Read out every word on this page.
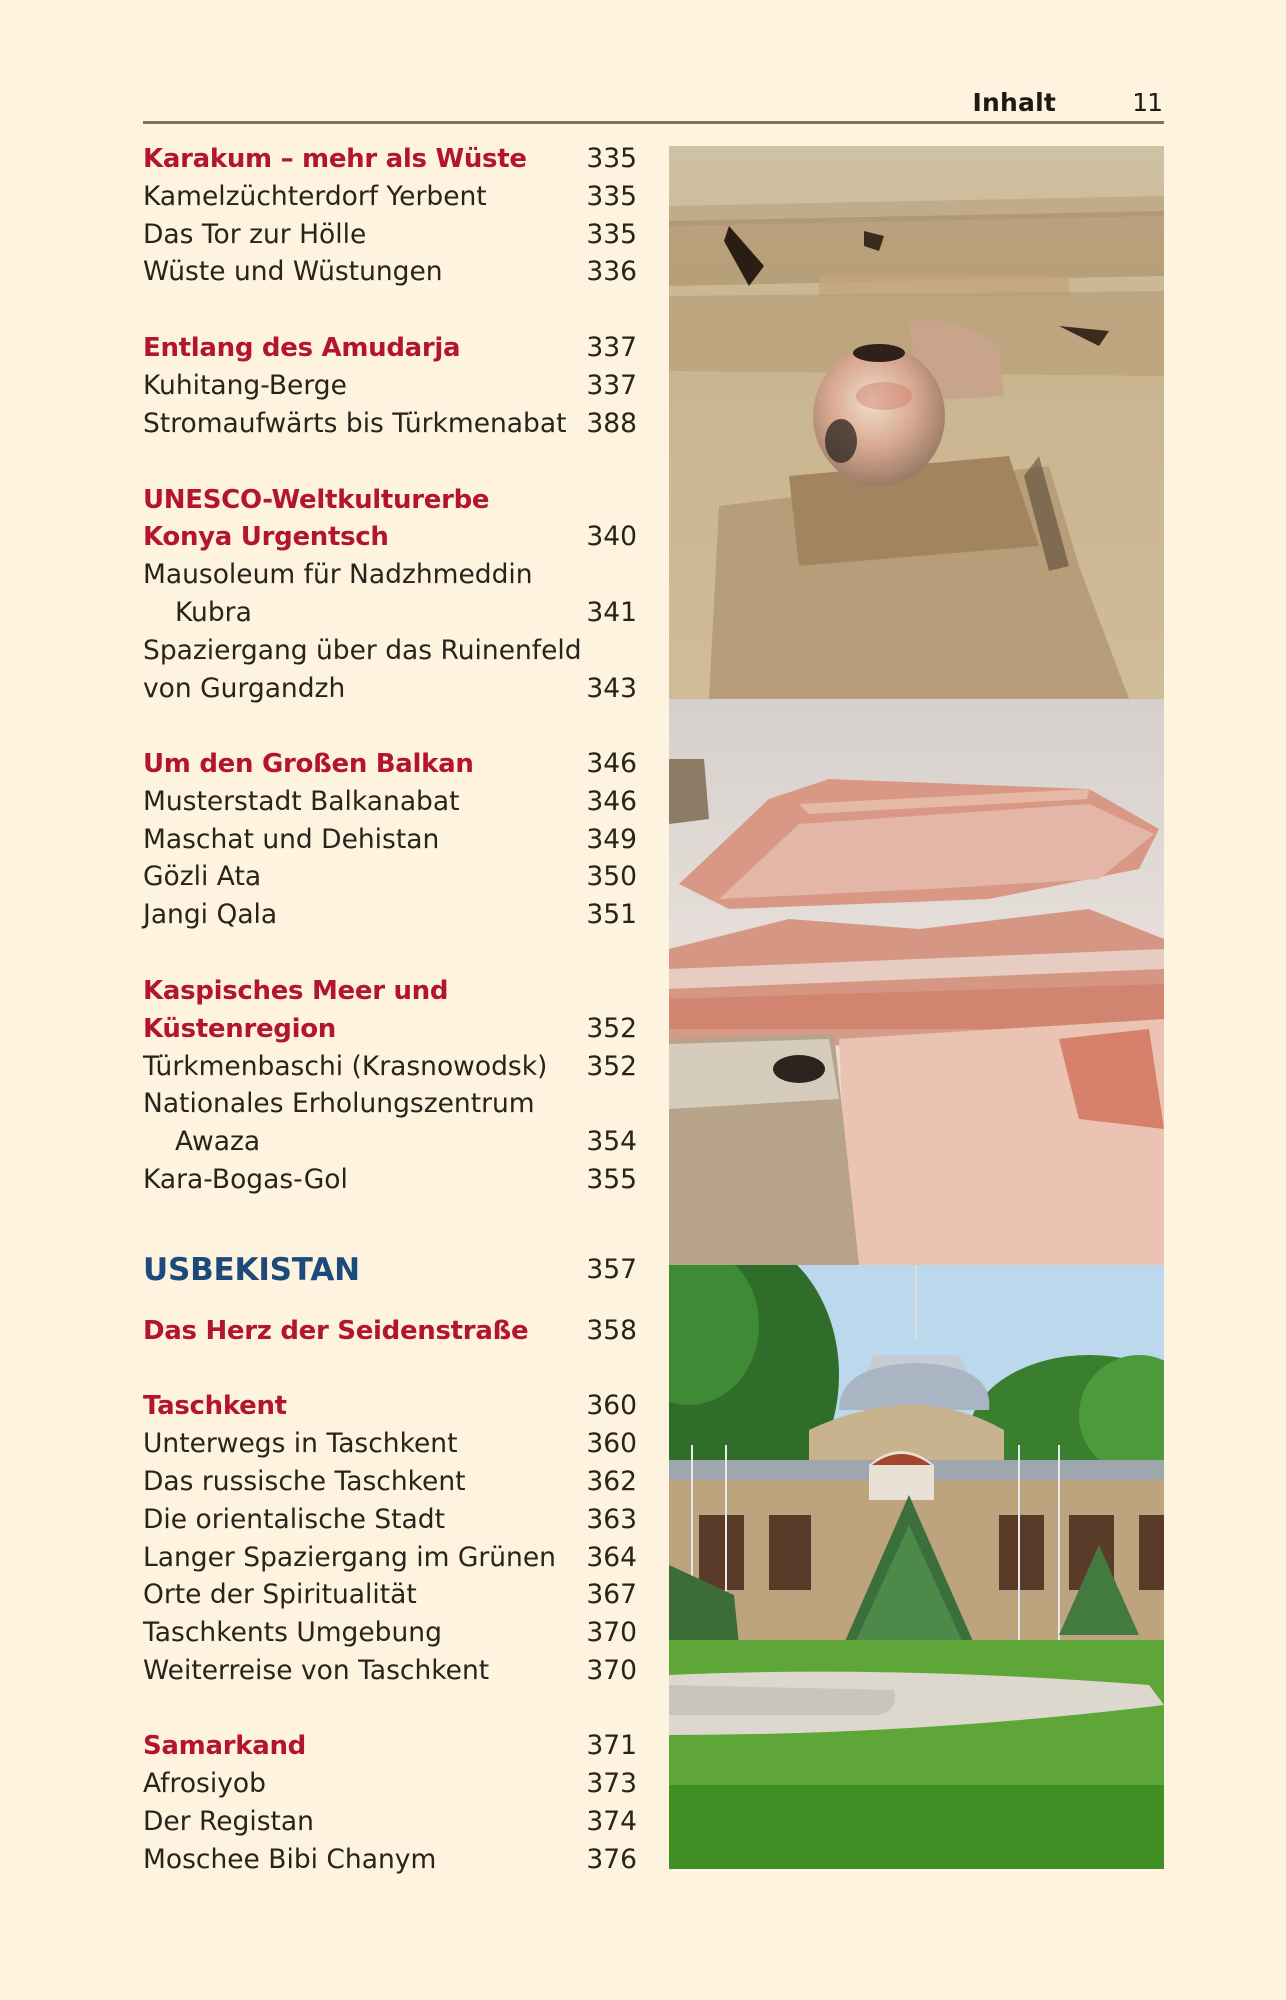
Inhalt	11
Karakum – mehr als Wüste 335
Kamelzüchterdorf Yerbent	335
Das Tor zur Hölle	335
Wüste und Wüstungen	336
Entlang des Amudarja	337
Kuhitang-Berge	337
Stromaufwärts bis Türkmenabat 388
UNESCO-Weltkulturerbe
Konya Urgentsch	340
Mausoleum für Nadzhmeddin
Kubra	341
Spaziergang über das Ruinenfeld
von Gurgandzh	343
Um den Großen Balkan	346
Musterstadt Balkanabat	346
Maschat und Dehistan	349
Gözli Ata	350
Jangi Qala	351
Kaspisches Meer und
Küstenregion	352
Türkmenbaschi (Krasnowodsk) 352
Nationales Erholungszentrum
Awaza	354
Kara-Bogas-Gol	355
USBEKISTAN	357
Das Herz der Seidenstraße 358
Taschkent	360
Unterwegs in Taschkent	360
Das russische Taschkent	362
Die orientalische Stadt	363
Langer Spaziergang im Grünen 364
Orte der Spiritualität	367
Taschkents Umgebung	370
Weiterreise von Taschkent	370
Samarkand	371
Afrosiyob	373
Der Registan	374
Moschee Bibi Chanym	376
